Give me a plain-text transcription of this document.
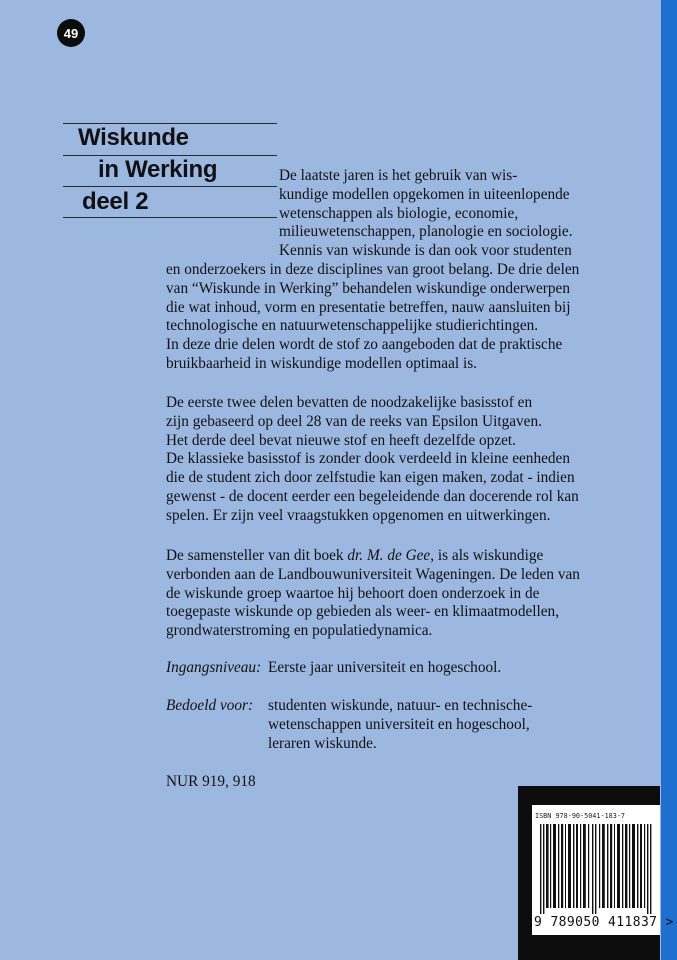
49
Wiskunde
in Werking
deel 2
De laatste jaren is het gebruik van wis-
kundige modellen opgekomen in uiteenlopende
wetenschappen als biologie, economie,
milieuwetenschappen, planologie en sociologie.
Kennis van wiskunde is dan ook voor studenten
en onderzoekers in deze disciplines van groot belang. De drie delen
van “Wiskunde in Werking” behandelen wiskundige onderwerpen
die wat inhoud, vorm en presentatie betreffen, nauw aansluiten bij
technologische en natuurwetenschappelijke studierichtingen.
In deze drie delen wordt de stof zo aangeboden dat de praktische
bruikbaarheid in wiskundige modellen optimaal is.
De eerste twee delen bevatten de noodzakelijke basisstof en
zijn gebaseerd op deel 28 van de reeks van Epsilon Uitgaven.
Het derde deel bevat nieuwe stof en heeft dezelfde opzet.
De klassieke basisstof is zonder dook verdeeld in kleine eenheden
die de student zich door zelfstudie kan eigen maken, zodat - indien
gewenst - de docent eerder een begeleidende dan docerende rol kan
spelen. Er zijn veel vraagstukken opgenomen en uitwerkingen.
De samensteller van dit boek dr. M. de Gee, is als wiskundige
verbonden aan de Landbouwuniversiteit Wageningen. De leden van
de wiskunde groep waartoe hij behoort doen onderzoek in de
toegepaste wiskunde op gebieden als weer- en klimaatmodellen,
grondwaterstroming en populatiedynamica.
Ingangsniveau: Eerste jaar universiteit en hogeschool.
Bedoeld voor: studenten wiskunde, natuur- en technische-
wetenschappen universiteit en hogeschool,
leraren wiskunde.
NUR 919, 918
ISBN 978-90-5041-183-7
9 789050 411837 >
